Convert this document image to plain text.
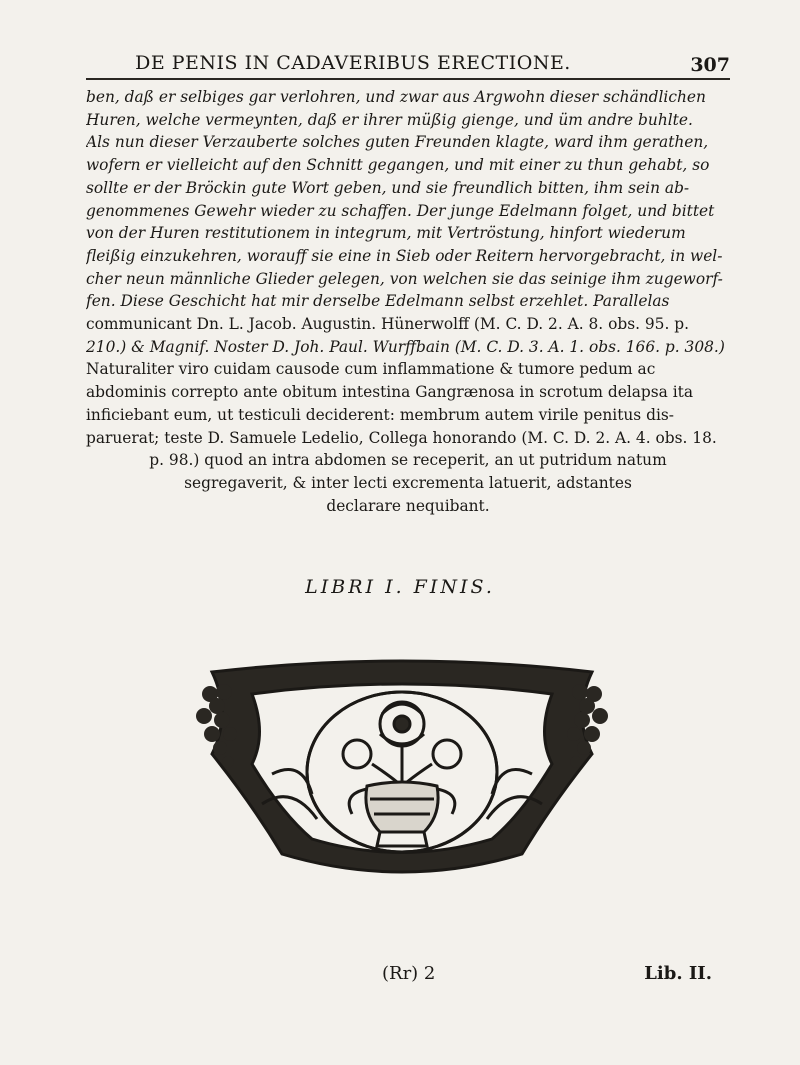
DE PENIS IN CADAVERIBUS ERECTIONE.	307
ben, daß er selbiges gar verlohren, und zwar aus Argwohn dieser schändlichen
Huren, welche vermeynten, daß er ihrer müßig gienge, und üm andre buhlte.
Als nun dieser Verzauberte solches guten Freunden klagte, ward ihm gerathen,
wofern er vielleicht auf den Schnitt gegangen, und mit einer zu thun gehabt, so
sollte er der Bröckin gute Wort geben, und sie freundlich bitten, ihm sein ab-
genommenes Gewehr wieder zu schaffen. Der junge Edelmann folget, und bittet
von der Huren restitutionem in integrum, mit Vertröstung, hinfort wiederum
fleißig einzukehren, worauff sie eine in Sieb oder Reitern hervorgebracht, in wel-
cher neun männliche Glieder gelegen, von welchen sie das seinige ihm zugeworf-
fen. Diese Geschicht hat mir derselbe Edelmann selbst erzehlet. Parallelas
communicant Dn. L. Jacob. Augustin. Hünerwolff (M. C. D. 2. A. 8. obs. 95. p.
210.) & Magnif. Noster D. Joh. Paul. Wurffbain (M. C. D. 3. A. 1. obs. 166. p. 308.)
Naturaliter viro cuidam causode cum inflammatione & tumore pedum ac
abdominis correpto ante obitum intestina Gangrænosa in scrotum delapsa ita
inficiebant eum, ut testiculi deciderent: membrum autem virile penitus dis-
paruerat; teste D. Samuele Ledelio, Collega honorando (M. C. D. 2. A. 4. obs. 18.
p. 98.) quod an intra abdomen se receperit, an ut putridum natum
segregaverit, & inter lecti excrementa latuerit, adstantes
declarare nequibant.
LIBRI I. FINIS.
(Rr) 2	Lib. II.
